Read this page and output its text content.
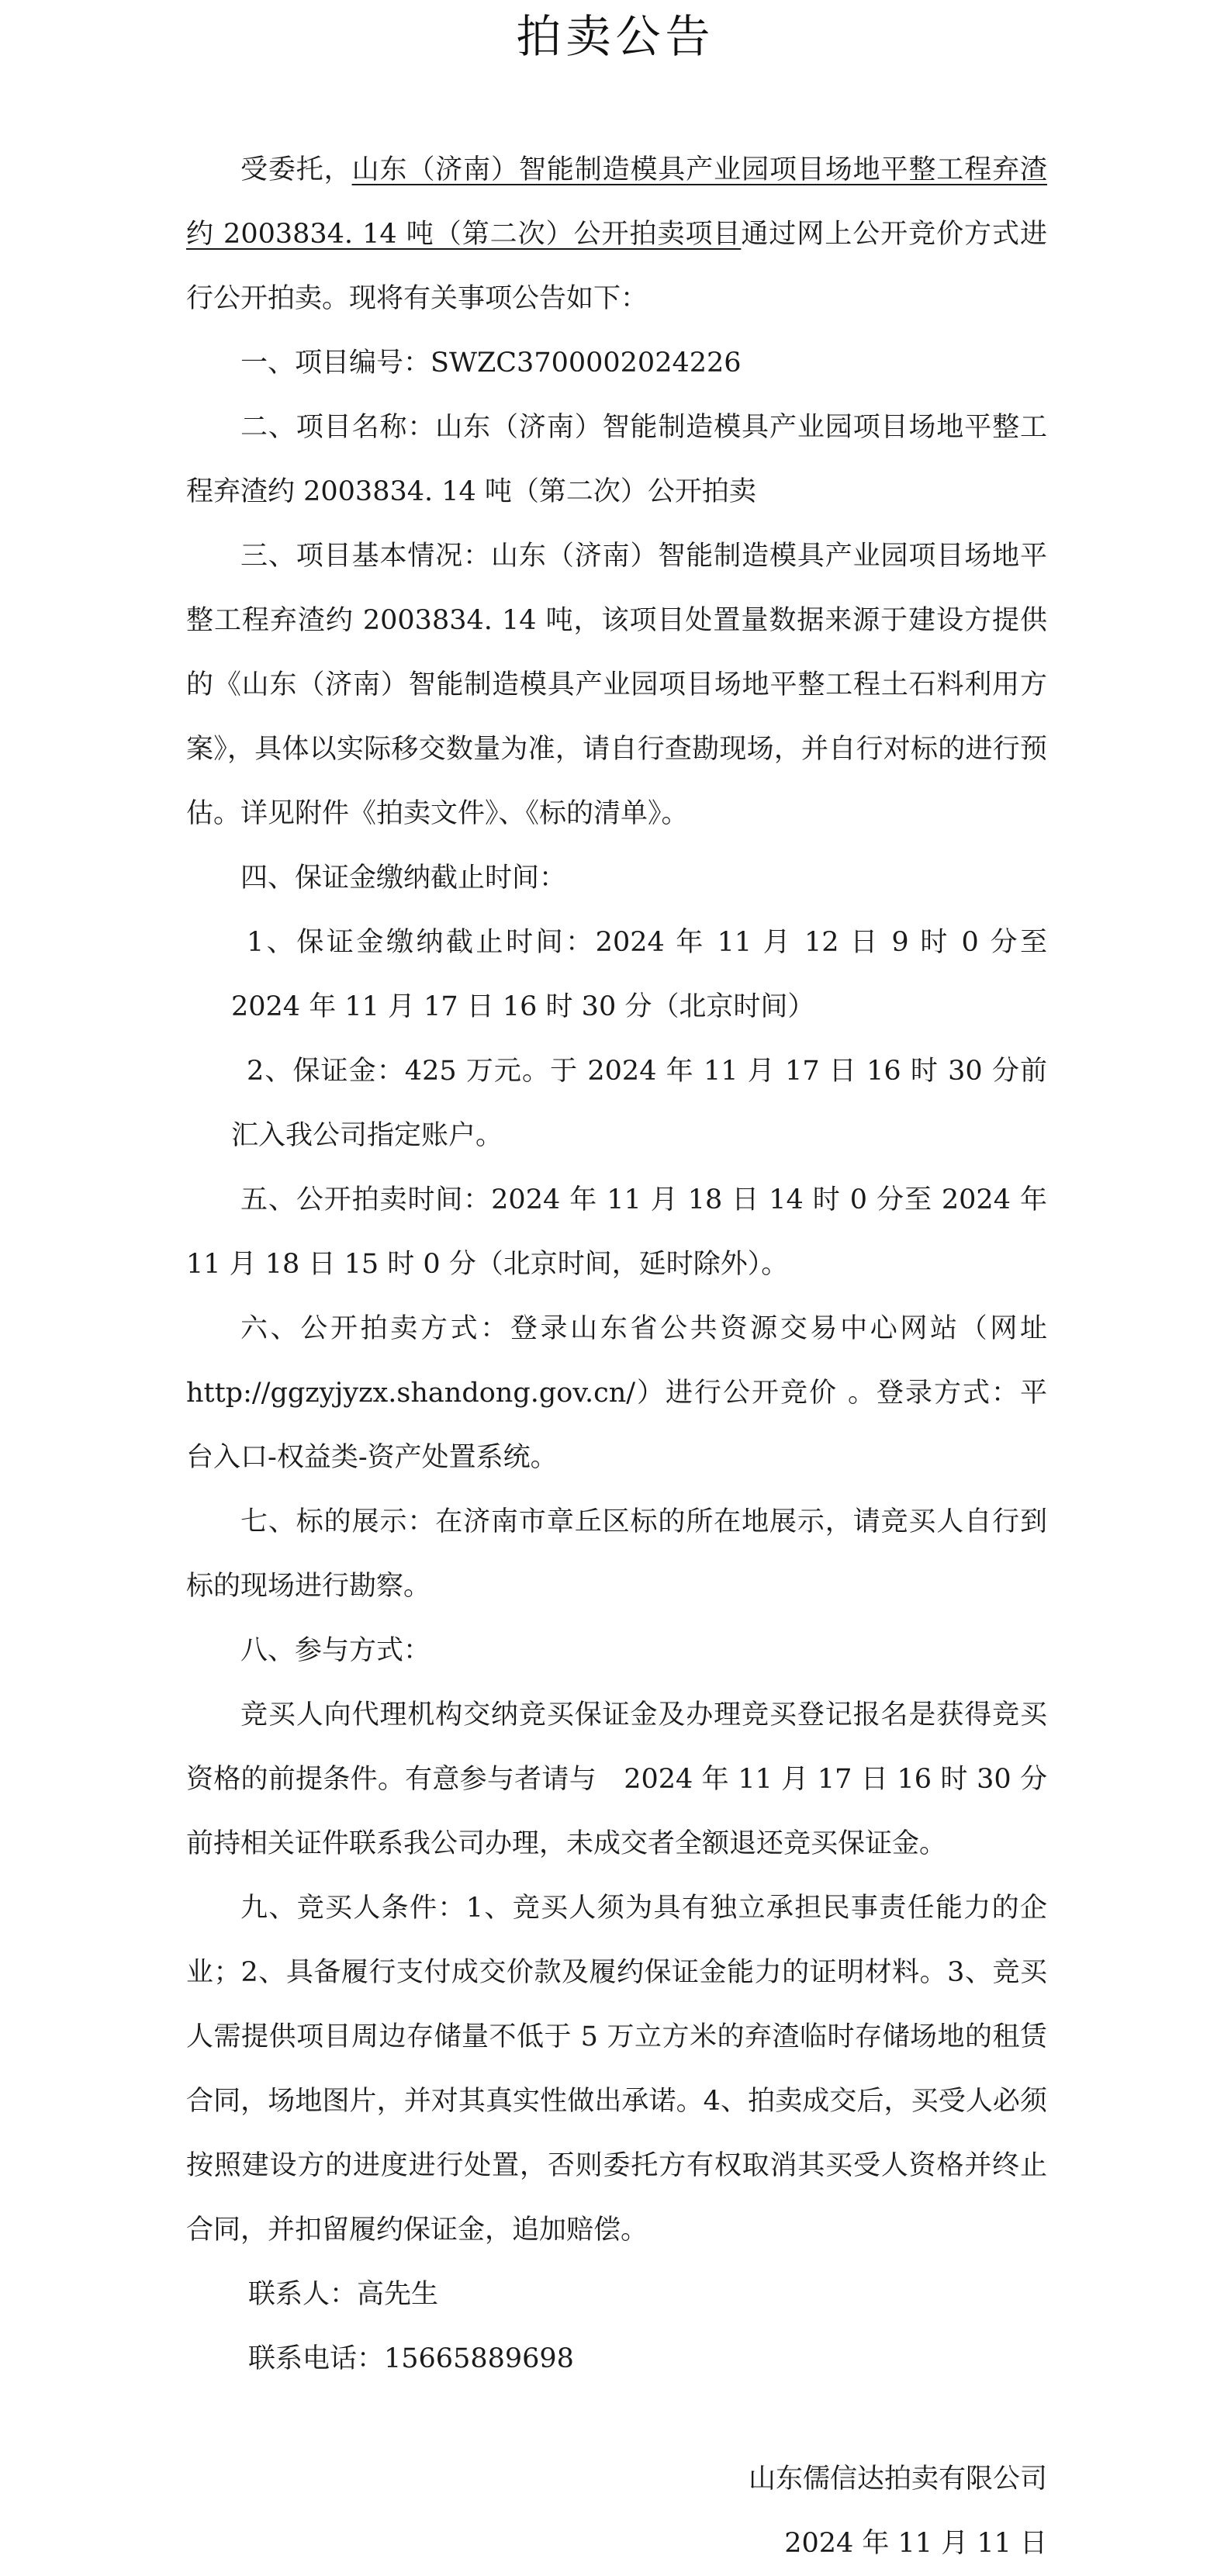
拍卖公告

受委托，山东（济南）智能制造模具产业园项目场地平整工程弃渣约 2003834. 14 吨（第二次）公开拍卖项目通过网上公开竞价方式进行公开拍卖。现将有关事项公告如下：

一、项目编号：SWZC3700002024226

二、项目名称：山东（济南）智能制造模具产业园项目场地平整工程弃渣约 2003834. 14 吨（第二次）公开拍卖

三、项目基本情况：山东（济南）智能制造模具产业园项目场地平整工程弃渣约 2003834. 14 吨，该项目处置量数据来源于建设方提供的《山东（济南）智能制造模具产业园项目场地平整工程土石料利用方案》，具体以实际移交数量为准，请自行查勘现场，并自行对标的进行预估。详见附件《拍卖文件》、《标的清单》。

四、保证金缴纳截止时间：

1、保证金缴纳截止时间：2024 年 11 月 12 日 9 时 0 分至 2024 年 11 月 17 日 16 时 30 分（北京时间）

2、保证金：425 万元。于 2024 年 11 月 17 日 16 时 30 分前汇入我公司指定账户。

五、公开拍卖时间：2024 年 11 月 18 日 14 时 0 分至 2024 年 11 月 18 日 15 时 0 分（北京时间，延时除外）。

六、公开拍卖方式：登录山东省公共资源交易中心网站（网址 http://ggzyjyzx.shandong.gov.cn/）进行公开竞价 。登录方式：平台入口-权益类-资产处置系统。

七、标的展示：在济南市章丘区标的所在地展示，请竞买人自行到标的现场进行勘察。

八、参与方式：

竞买人向代理机构交纳竞买保证金及办理竞买登记报名是获得竞买资格的前提条件。有意参与者请与　2024 年 11 月 17 日 16 时 30 分前持相关证件联系我公司办理，未成交者全额退还竞买保证金。

九、竞买人条件：1、竞买人须为具有独立承担民事责任能力的企业；2、具备履行支付成交价款及履约保证金能力的证明材料。3、竞买人需提供项目周边存储量不低于 5 万立方米的弃渣临时存储场地的租赁合同，场地图片，并对其真实性做出承诺。4、拍卖成交后，买受人必须按照建设方的进度进行处置，否则委托方有权取消其买受人资格并终止合同，并扣留履约保证金，追加赔偿。

联系人：高先生

联系电话：15665889698

山东儒信达拍卖有限公司
2024 年 11 月 11 日
